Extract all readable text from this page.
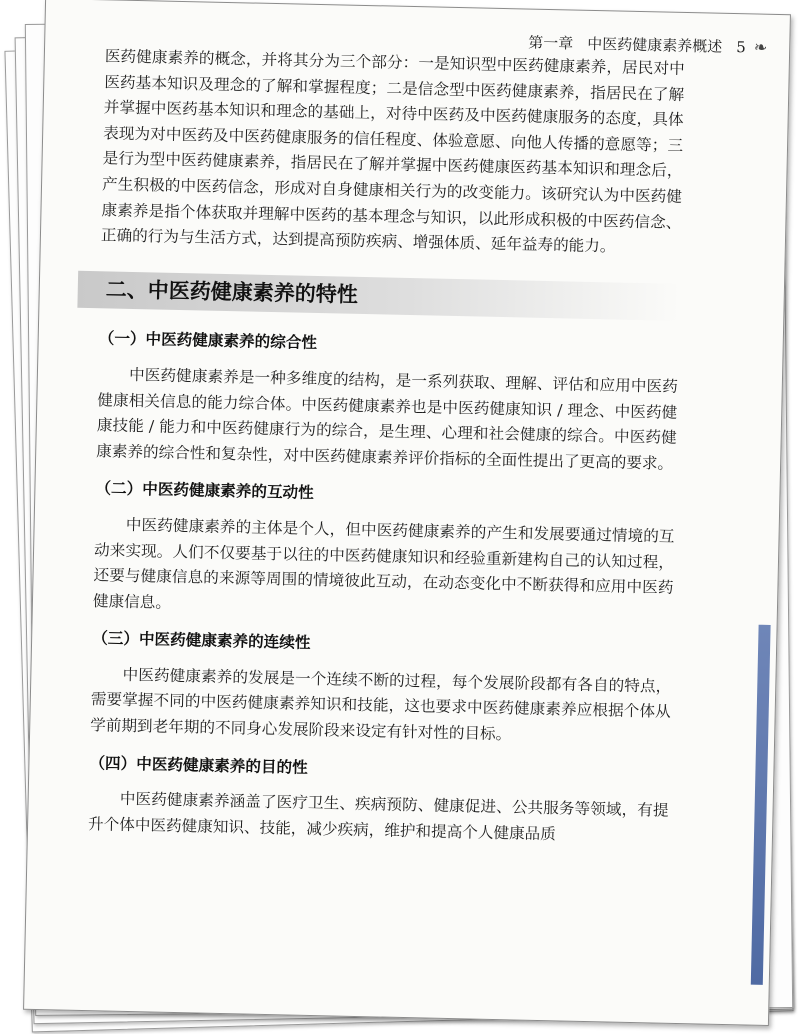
第一章 中医药健康素养概述 5 ❧

医药健康素养的概念，并将其分为三个部分：一是知识型中医药健康素养，居民对中医药基本知识及理念的了解和掌握程度；二是信念型中医药健康素养，指居民在了解并掌握中医药基本知识和理念的基础上，对待中医药及中医药健康服务的态度，具体表现为对中医药及中医药健康服务的信任程度、体验意愿、向他人传播的意愿等；三是行为型中医药健康素养，指居民在了解并掌握中医药健康医药基本知识和理念后，产生积极的中医药信念，形成对自身健康相关行为的改变能力。该研究认为中医药健康素养是指个体获取并理解中医药的基本理念与知识，以此形成积极的中医药信念、正确的行为与生活方式，达到提高预防疾病、增强体质、延年益寿的能力。

二、中医药健康素养的特性
（一）中医药健康素养的综合性

中医药健康素养是一种多维度的结构，是一系列获取、理解、评估和应用中医药健康相关信息的能力综合体。中医药健康素养也是中医药健康知识 / 理念、中医药健康技能 / 能力和中医药健康行为的综合，是生理、心理和社会健康的综合。中医药健康素养的综合性和复杂性，对中医药健康素养评价指标的全面性提出了更高的要求。

（二）中医药健康素养的互动性

中医药健康素养的主体是个人，但中医药健康素养的产生和发展要通过情境的互动来实现。人们不仅要基于以往的中医药健康知识和经验重新建构自己的认知过程，还要与健康信息的来源等周围的情境彼此互动，在动态变化中不断获得和应用中医药健康信息。

（三）中医药健康素养的连续性

中医药健康素养的发展是一个连续不断的过程，每个发展阶段都有各自的特点，需要掌握不同的中医药健康素养知识和技能，这也要求中医药健康素养应根据个体从学前期到老年期的不同身心发展阶段来设定有针对性的目标。

（四）中医药健康素养的目的性

中医药健康素养涵盖了医疗卫生、疾病预防、健康促进、公共服务等领域，有提升个体中医药健康知识、技能，减少疾病，维护和提高个人健康品质
